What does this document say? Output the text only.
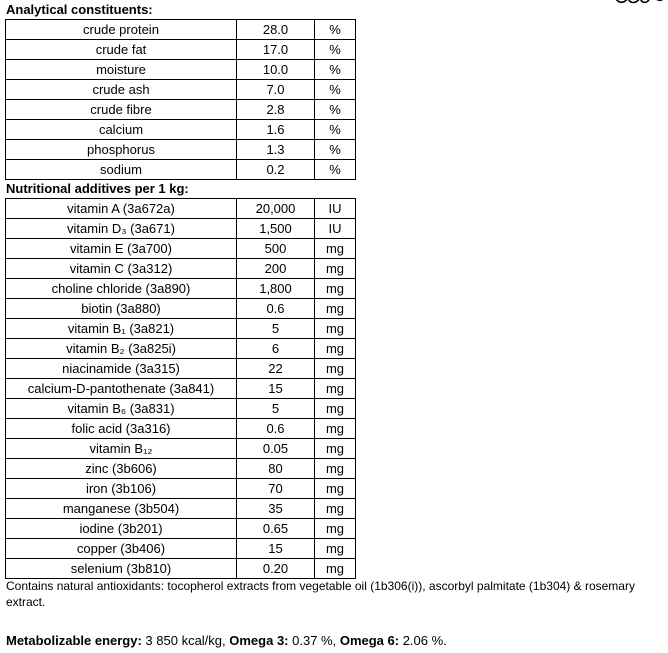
Analytical constituents:
crude protein	28.0	%
crude fat	17.0	%
moisture	10.0	%
crude ash	7.0	%
crude fibre	2.8	%
calcium	1.6	%
phosphorus	1.3	%
sodium	0.2	%
Nutritional additives per 1 kg:
vitamin A (3a672a)	20,000	IU
vitamin D₃ (3a671)	1,500	IU
vitamin E (3a700)	500	mg
vitamin C (3a312)	200	mg
choline chloride (3a890)	1,800	mg
biotin (3a880)	0.6	mg
vitamin B₁ (3a821)	5	mg
vitamin B₂ (3a825i)	6	mg
niacinamide (3a315)	22	mg
calcium-D-pantothenate (3a841)	15	mg
vitamin B₆ (3a831)	5	mg
folic acid (3a316)	0.6	mg
vitamin B₁₂	0.05	mg
zinc (3b606)	80	mg
iron (3b106)	70	mg
manganese (3b504)	35	mg
iodine (3b201)	0.65	mg
copper (3b406)	15	mg
selenium (3b810)	0.20	mg
Contains natural antioxidants: tocopherol extracts from vegetable oil (1b306(i)), ascorbyl palmitate (1b304) & rosemary extract.
Metabolizable energy: 3 850 kcal/kg, Omega 3: 0.37 %, Omega 6: 2.06 %.
